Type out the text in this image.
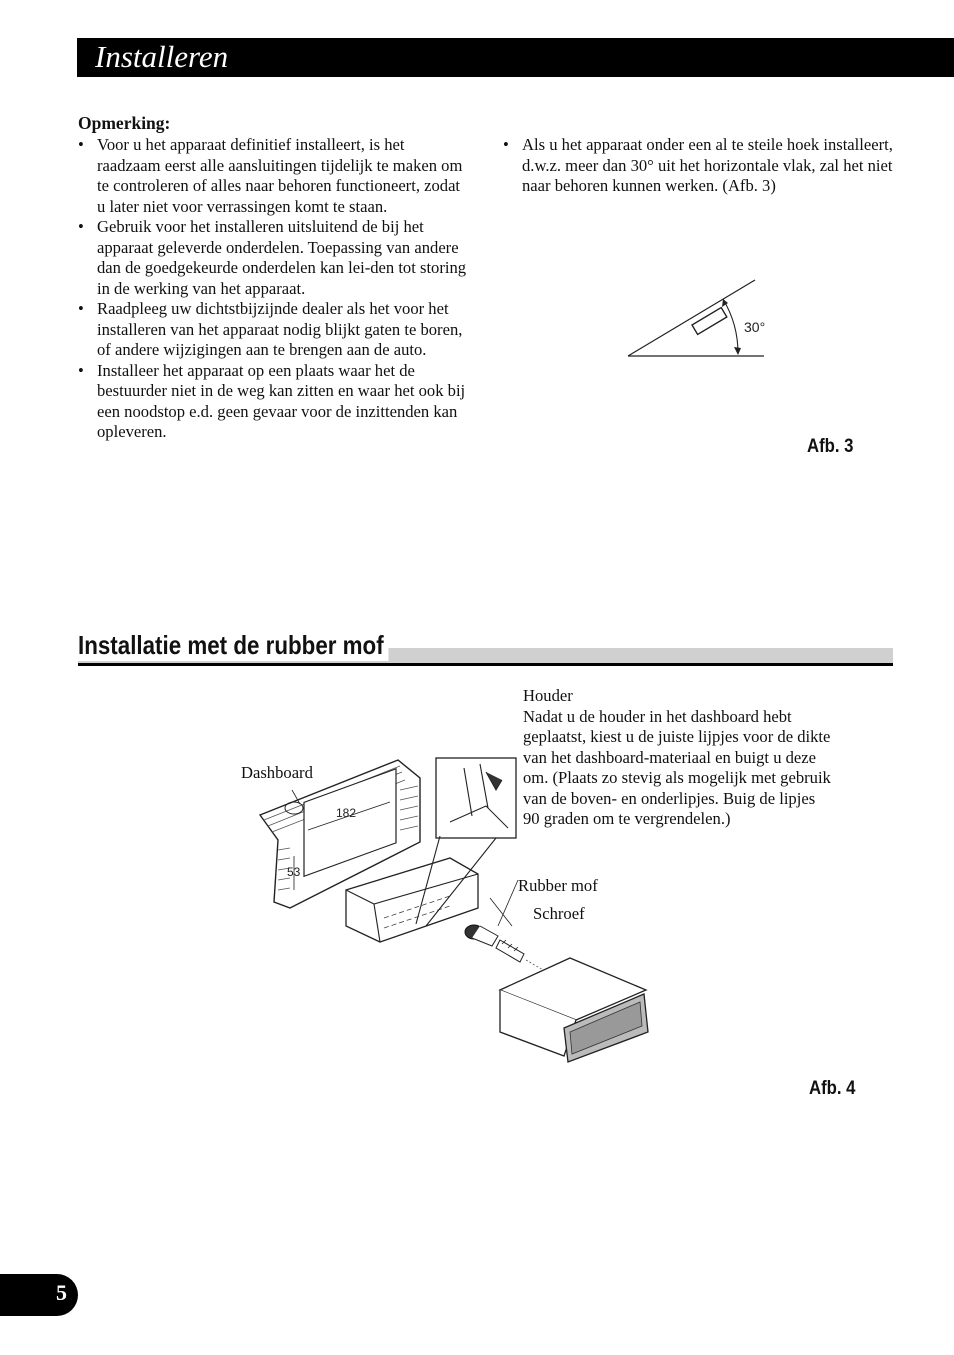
Installeren
Opmerking:
• Voor u het apparaat definitief installeert, is het raadzaam eerst alle aansluitingen tijdelijk te maken om te controleren of alles naar behoren functioneert, zodat u later niet voor verrassingen komt te staan.
• Gebruik voor het installeren uitsluitend de bij het apparaat geleverde onderdelen. Toepassing van andere dan de goedgekeurde onderdelen kan lei-den tot storing in de werking van het apparaat.
• Raadpleeg uw dichtstbijzijnde dealer als het voor het installeren van het apparaat nodig blijkt gaten te boren, of andere wijzigingen aan te brengen aan de auto.
• Installeer het apparaat op een plaats waar het de bestuurder niet in de weg kan zitten en waar het ook bij een noodstop e.d. geen gevaar voor de inzittenden kan opleveren.
• Als u het apparaat onder een al te steile hoek installeert, d.w.z. meer dan 30° uit het horizontale vlak, zal het niet naar behoren kunnen werken. (Afb. 3)
30°
Afb. 3
Installatie met de rubber mof
Houder
Nadat u de houder in het dashboard hebt geplaatst, kiest u de juiste lijpjes voor de dikte van het dashboard-materiaal en buigt u deze om. (Plaats zo stevig als mogelijk met gebruik van de boven- en onderlipjes. Buig de lipjes 90 graden om te vergrendelen.)
Dashboard
Rubber mof
Schroef
182
53
Afb. 4
5
